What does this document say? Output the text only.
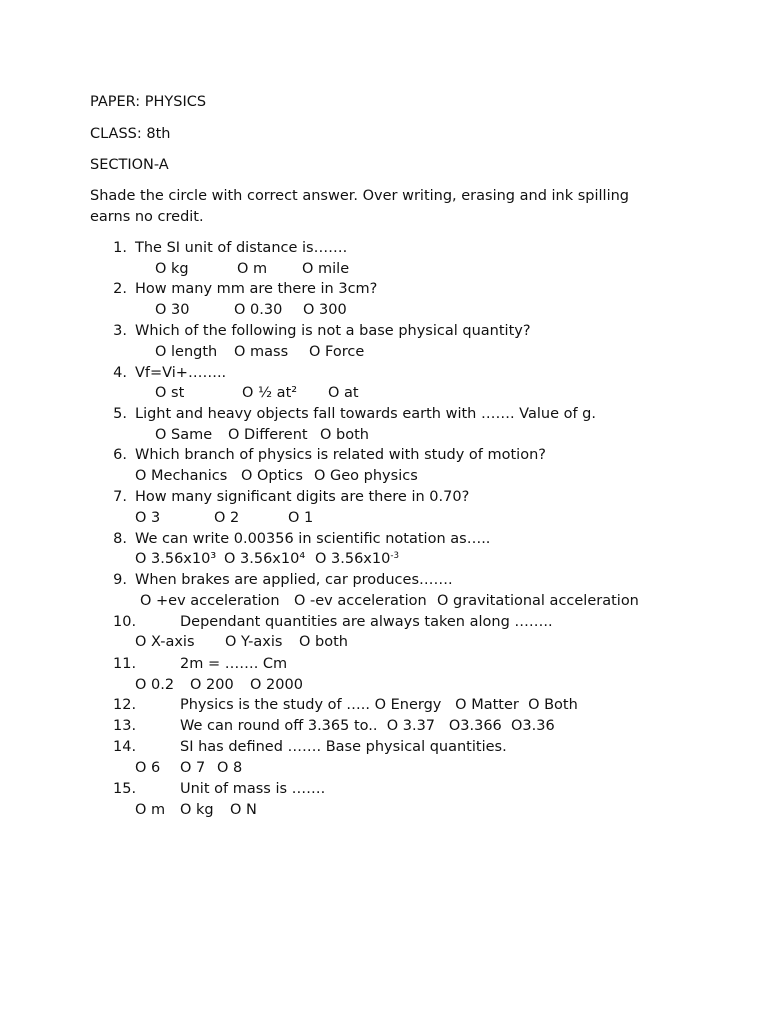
PAPER: PHYSICS
CLASS: 8th
SECTION-A
Shade the circle with correct answer. Over writing, erasing and ink spilling
earns no credit.
1. The SI unit of distance is…….
O kg	O m O mile
2. How many mm are there in 3cm?
O 30	O 0.30 O 300
3. Which of the following is not a base physical quantity?
O length O mass O Force
4. Vf=Vi+……..
O st	O ½ at² O at
5. Light and heavy objects fall towards earth with ……. Value of g.
O Same O Different O both
6. Which branch of physics is related with study of motion?
O Mechanics O Optics O Geo physics
7. How many significant digits are there in 0.70?
O 3	O 2	O 1
8. We can write 0.00356 in scientific notation as…..
O 3.56x10³ O 3.56x10⁴ O $3.56x10^{-3}$
9. When brakes are applied, car produces…….
O +ev acceleration O -ev acceleration O gravitational acceleration
10.	Dependant quantities are always taken along ……..
O X-axis O Y-axis O both
11.	2m = ……. Cm
O 0.2 O 200 O 2000
12.	Physics is the study of ….. O Energy   O Matter  O Both
13.	We can round off 3.365 to..  O 3.37   O3.366  O3.36
14.	SI has defined ……. Base physical quantities.
O 6 O 7 O 8
15.	Unit of mass is …….
O m O kg O N
